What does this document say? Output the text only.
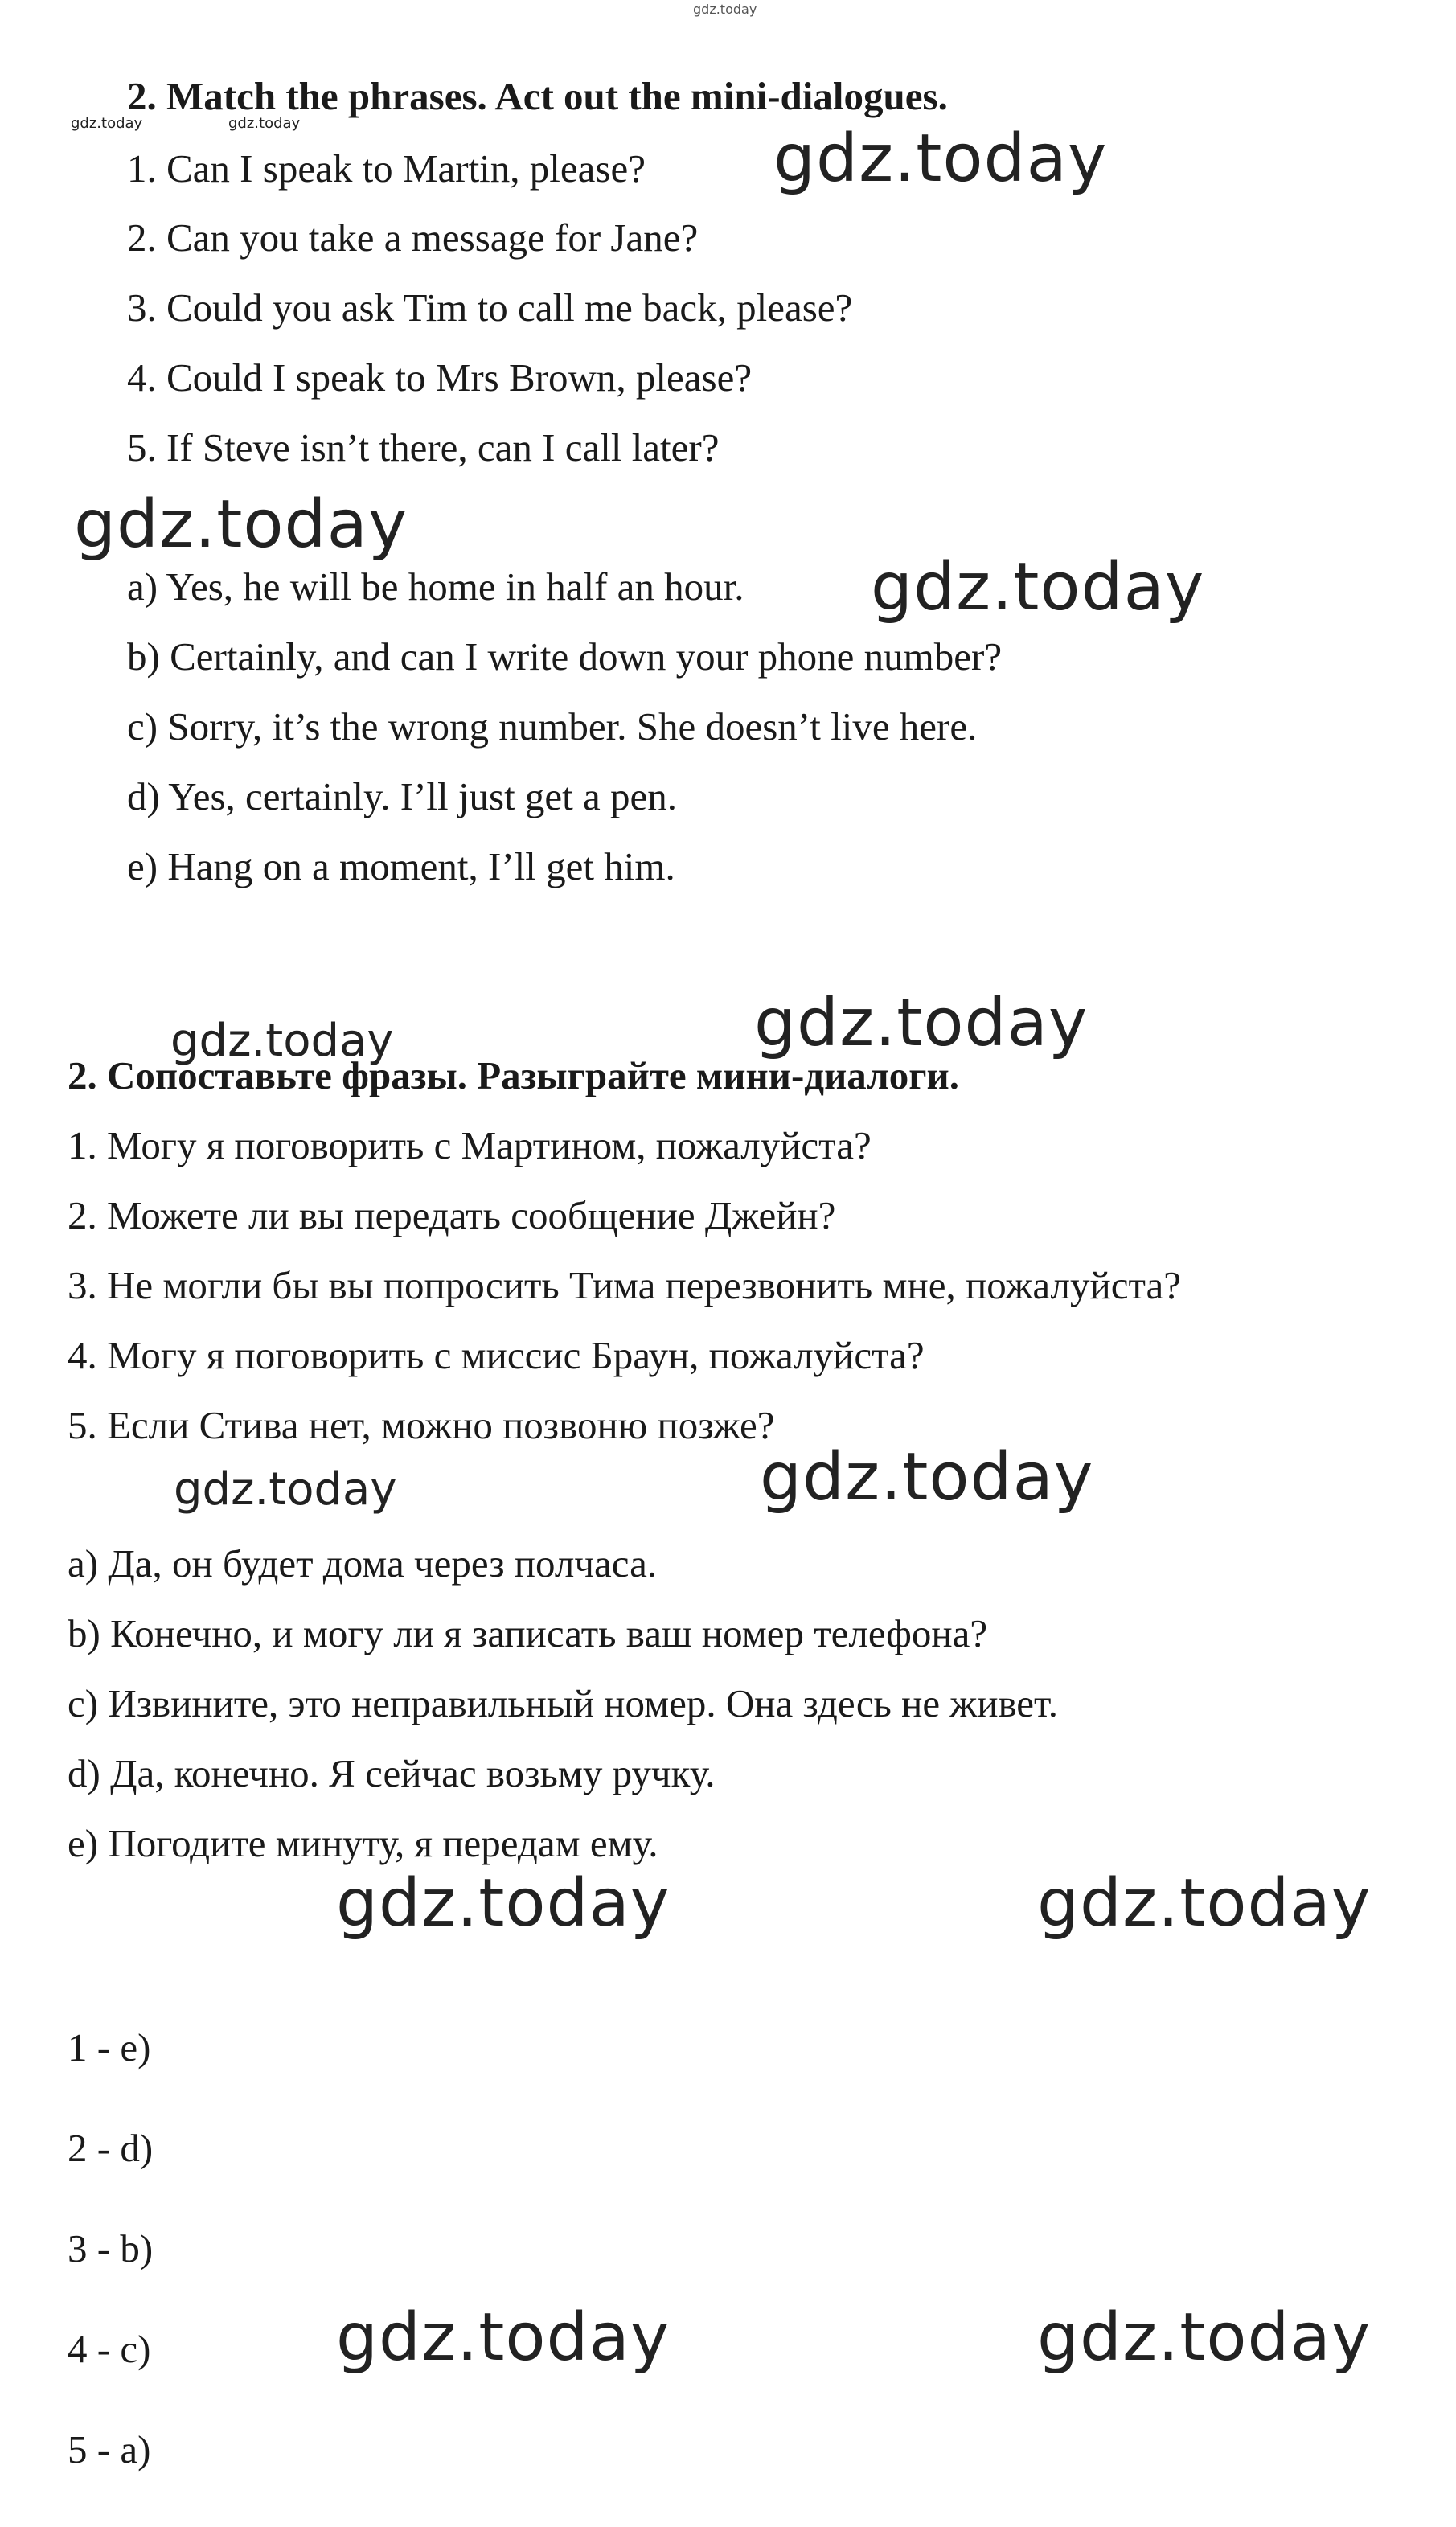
gdz.today
gdz.today	gdz.today	gdz.today
gdz.today
gdz.today
gdz.today	gdz.today
gdz.today
gdz.today
gdz.today	gdz.today
gdz.today	gdz.today
2. Match the phrases. Act out the mini-dialogues.
1. Can I speak to Martin, please?
2. Can you take a message for Jane?
3. Could you ask Tim to call me back, please?
4. Could I speak to Mrs Brown, please?
5. If Steve isn’t there, can I call later?
a) Yes, he will be home in half an hour.
b) Certainly, and can I write down your phone number?
c) Sorry, it’s the wrong number. She doesn’t live here.
d) Yes, certainly. I’ll just get a pen.
e) Hang on a moment, I’ll get him.
2. Сопоставьте фразы. Разыграйте мини-диалоги.
1. Могу я поговорить с Мартином, пожалуйста?
2. Можете ли вы передать сообщение Джейн?
3. Не могли бы вы попросить Тима перезвонить мне, пожалуйста?
4. Могу я поговорить с миссис Браун, пожалуйста?
5. Если Стива нет, можно позвоню позже?
a) Да, он будет дома через полчаса.
b) Конечно, и могу ли я записать ваш номер телефона?
c) Извините, это неправильный номер. Она здесь не живет.
d) Да, конечно. Я сейчас возьму ручку.
e) Погодите минуту, я передам ему.
1 - e)
2 - d)
3 - b)
4 - c)
5 - a)
